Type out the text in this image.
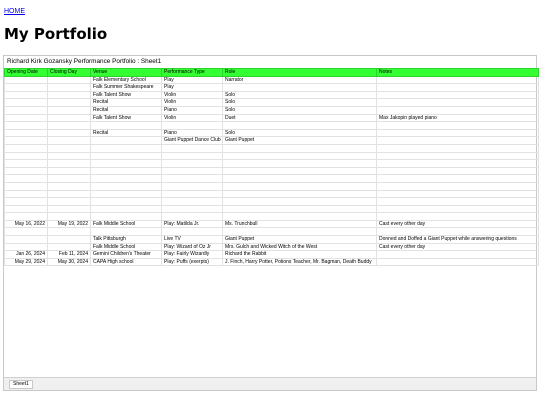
HOME
My Portfolio
Richard Kirk Gozansky Performance Portfolio : Sheet1
Opening Date	Closing Day	Venue	Performance Type	Role	Notes
		Falk Elementary School	Play	Narrator	
		Falk Summer Shakespeare	Play		
		Falk Talent Show	Violin	Solo	
		Recital	Violin	Solo	
		Recital	Piano	Solo	
		Falk Talent Show	Violin	Duet	Max Jakopin played piano

		Recital	Piano	Solo	
			Giant Puppet Dance Club	Giant Puppet	

May 16, 2022	May 19, 2022	Falk Middle School	Play: Matilda Jr.	Ms. Trunchbull	Cast every other day

		Talk Pittsburgh	Live TV	Giant Puppet	Donned and Doffed a Giant Puppet while answering questions
		Falk Middle School	Play: Wizard of Oz Jr	Mrs. Gulch and Wicked Witch of the West	Cast every other day
Jan 26, 2024	Feb 11, 2024	Gemini Children's Theater	Play: Fairly Wizardly	Richard the Rabbit	
May 29, 2024	May 30, 2024	CAPA High school	Play: Puffs (exerpts)	J. Finch, Harry Potter, Potions Teacher, Mr. Bagman, Death Buddy	
Sheet1
